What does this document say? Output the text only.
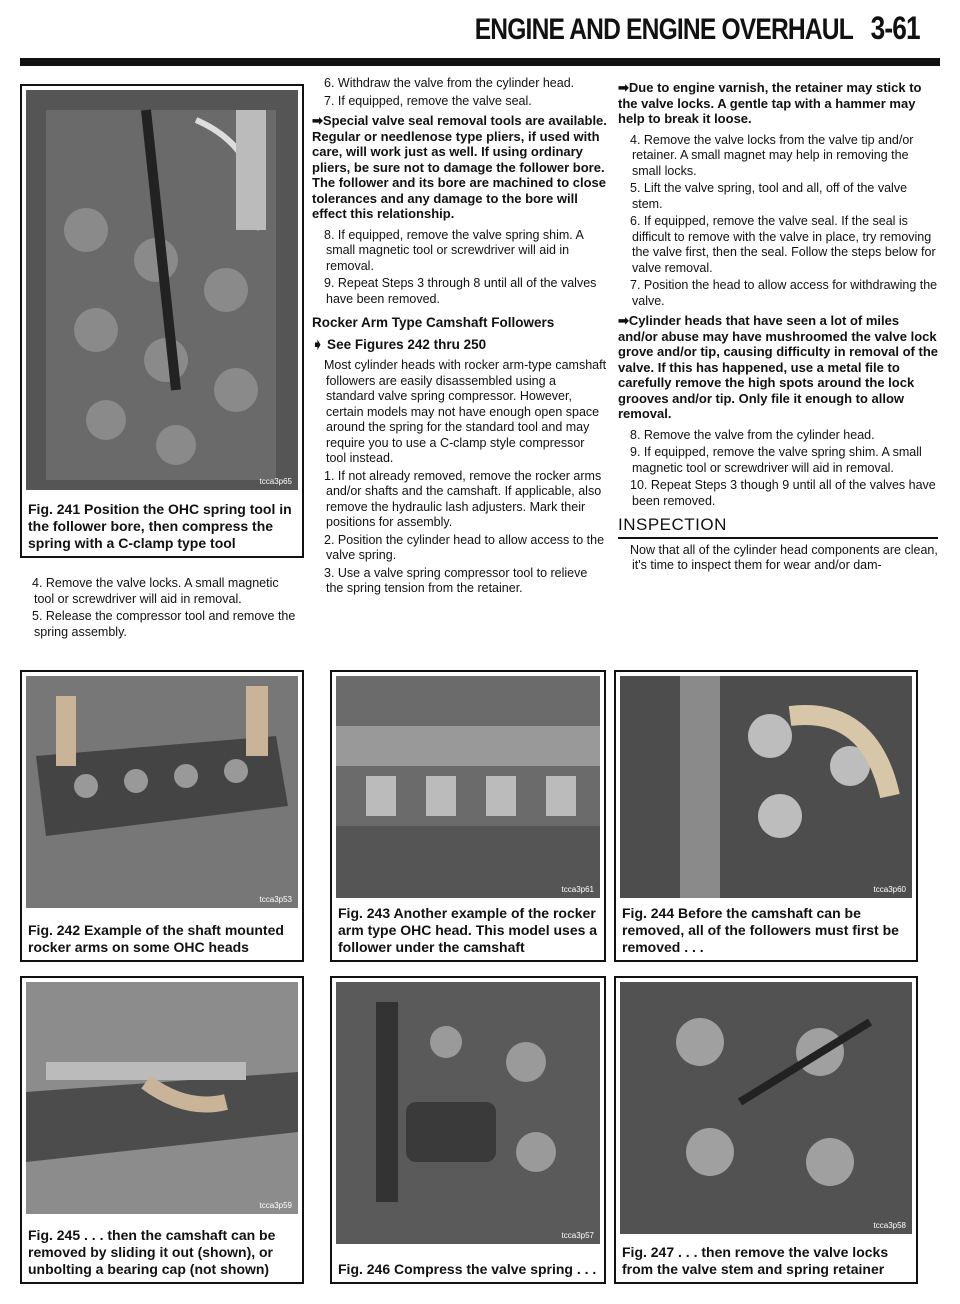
ENGINE AND ENGINE OVERHAUL 3-61
tcca3p65
Fig. 241 Position the OHC spring tool in the follower bore, then compress the spring with a C-clamp type tool

4. Remove the valve locks. A small magnetic tool or screwdriver will aid in removal.

5. Release the compressor tool and remove the spring assembly.

6. Withdraw the valve from the cylinder head.

7. If equipped, remove the valve seal.

➡Special valve seal removal tools are available. Regular or needlenose type pliers, if used with care, will work just as well. If using ordinary pliers, be sure not to damage the follower bore. The follower and its bore are machined to close tolerances and any damage to the bore will effect this relationship.

8. If equipped, remove the valve spring shim. A small magnetic tool or screwdriver will aid in removal.

9. Repeat Steps 3 through 8 until all of the valves have been removed.

Rocker Arm Type Camshaft Followers

➧ See Figures 242 thru 250

Most cylinder heads with rocker arm-type camshaft followers are easily disassembled using a standard valve spring compressor. However, certain models may not have enough open space around the spring for the standard tool and may require you to use a C-clamp style compressor tool instead.

1. If not already removed, remove the rocker arms and/or shafts and the camshaft. If applicable, also remove the hydraulic lash adjusters. Mark their positions for assembly.

2. Position the cylinder head to allow access to the valve spring.

3. Use a valve spring compressor tool to relieve the spring tension from the retainer.

➡Due to engine varnish, the retainer may stick to the valve locks. A gentle tap with a hammer may help to break it loose.

4. Remove the valve locks from the valve tip and/or retainer. A small magnet may help in removing the small locks.

5. Lift the valve spring, tool and all, off of the valve stem.

6. If equipped, remove the valve seal. If the seal is difficult to remove with the valve in place, try removing the valve first, then the seal. Follow the steps below for valve removal.

7. Position the head to allow access for withdrawing the valve.

➡Cylinder heads that have seen a lot of miles and/or abuse may have mushroomed the valve lock grove and/or tip, causing difficulty in removal of the valve. If this has happened, use a metal file to carefully remove the high spots around the lock grooves and/or tip. Only file it enough to allow removal.

8. Remove the valve from the cylinder head.

9. If equipped, remove the valve spring shim. A small magnetic tool or screwdriver will aid in removal.

10. Repeat Steps 3 though 9 until all of the valves have been removed.

INSPECTION

Now that all of the cylinder head components are clean, it's time to inspect them for wear and/or dam-

tcca3p53
Fig. 242 Example of the shaft mounted rocker arms on some OHC heads
tcca3p61
Fig. 243 Another example of the rocker arm type OHC head. This model uses a follower under the camshaft
tcca3p60
Fig. 244 Before the camshaft can be removed, all of the followers must first be removed . . .
tcca3p59
Fig. 245 . . . then the camshaft can be removed by sliding it out (shown), or unbolting a bearing cap (not shown)
tcca3p57
Fig. 246 Compress the valve spring . . .
tcca3p58
Fig. 247 . . . then remove the valve locks from the valve stem and spring retainer
